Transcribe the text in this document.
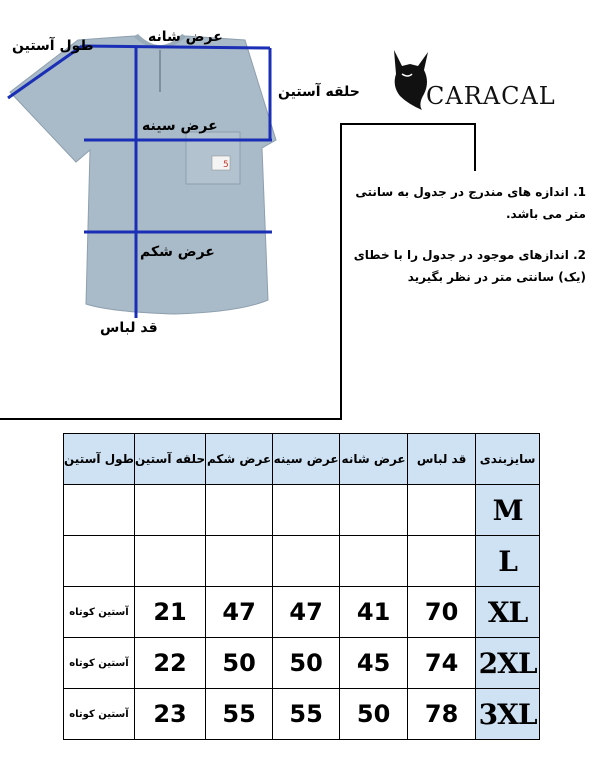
5
عرض شانه
طول آستین
حلقه آستین
عرض سینه
عرض شکم
قد لباس
CARACAL
1. اندازه های مندرج در جدول به سانتی متر می باشد.
2. اندازهای موجود در جدول را با خطای (یک) سانتی متر در نظر بگیرید
طول آستین	حلقه آستین	عرض شکم	عرض سینه	عرض شانه	قد لباس	سایزبندی
						M
						L
آستین کوتاه	21	47	47	41	70	XL
آستین کوتاه	22	50	50	45	74	2XL
آستین کوتاه	23	55	55	50	78	3XL
